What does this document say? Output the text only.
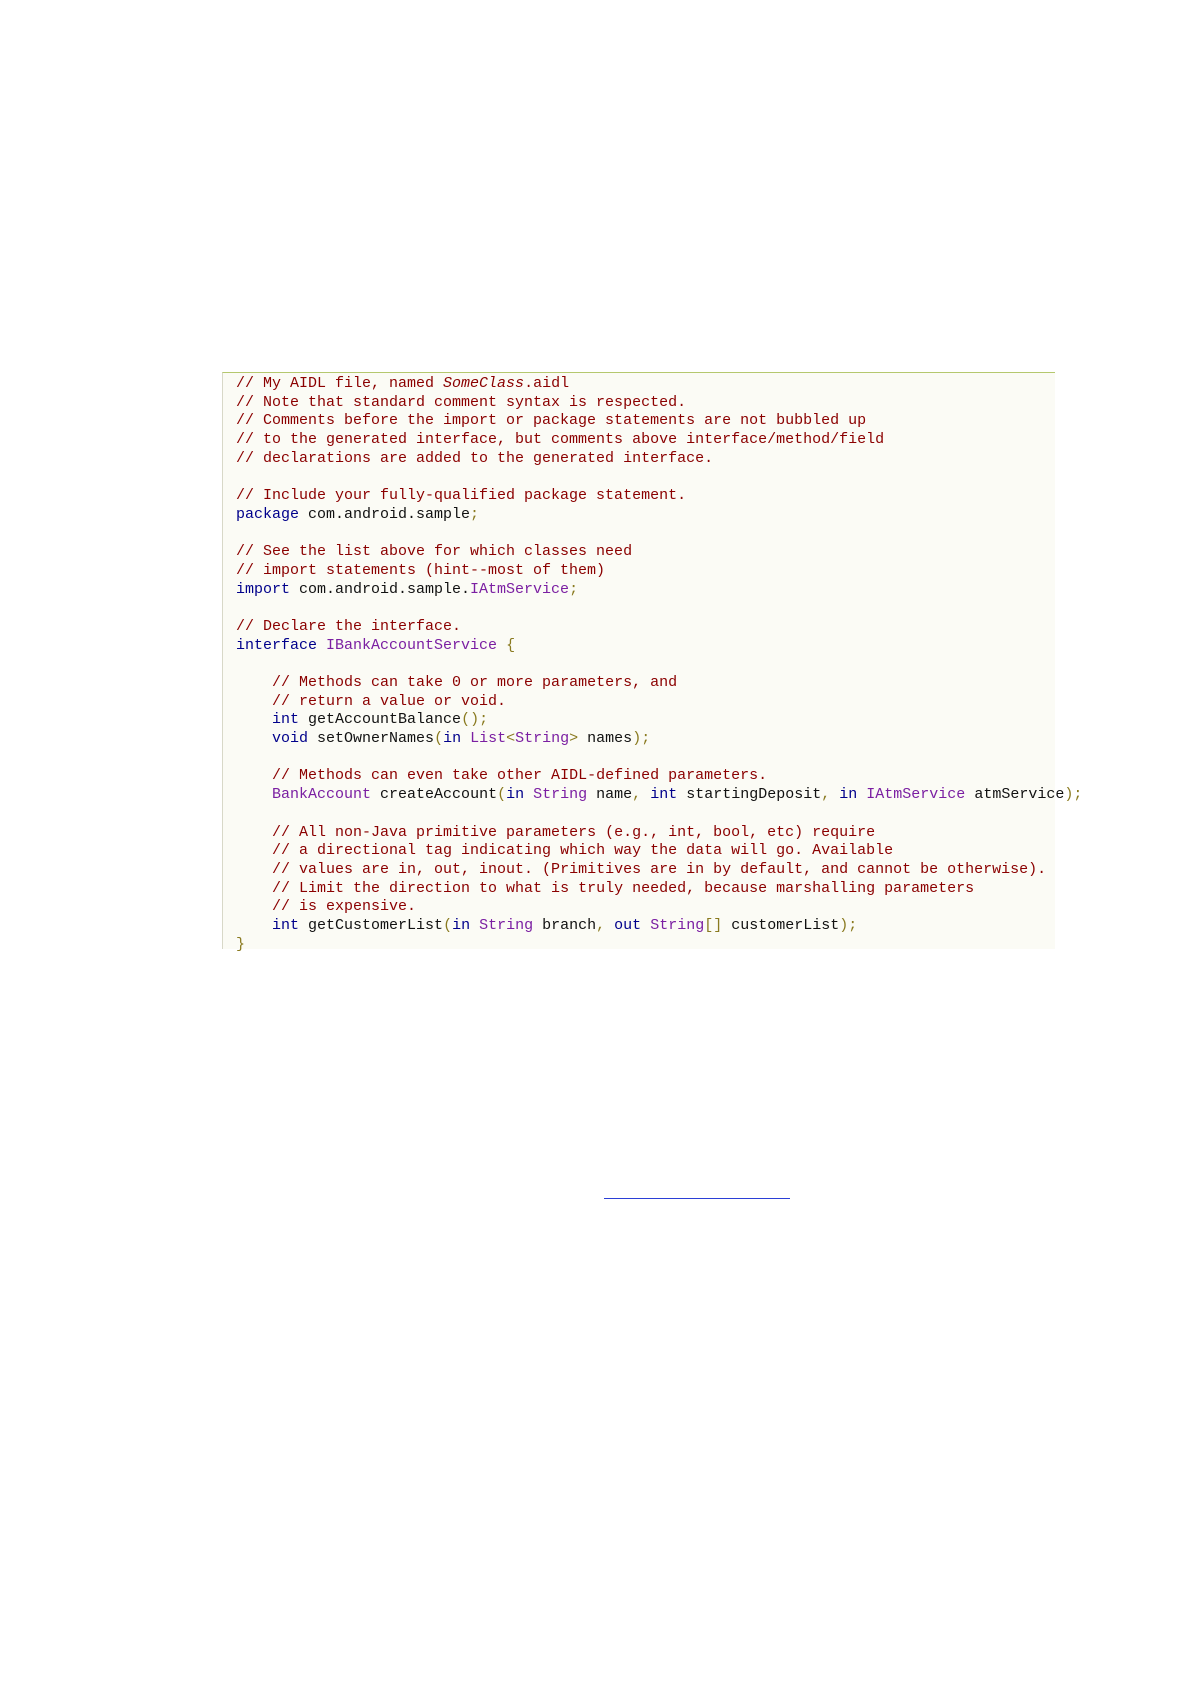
// My AIDL file, named SomeClass.aidl
// Note that standard comment syntax is respected.
// Comments before the import or package statements are not bubbled up
// to the generated interface, but comments above interface/method/field
// declarations are added to the generated interface.

// Include your fully-qualified package statement.
package com.android.sample;

// See the list above for which classes need
// import statements (hint--most of them)
import com.android.sample.IAtmService;

// Declare the interface.
interface IBankAccountService {

// Methods can take 0 or more parameters, and
// return a value or void.
int getAccountBalance();
void setOwnerNames(in List<String> names);

// Methods can even take other AIDL-defined parameters.
BankAccount createAccount(in String name, int startingDeposit, in IAtmService atmService);

// All non-Java primitive parameters (e.g., int, bool, etc) require
// a directional tag indicating which way the data will go. Available
// values are in, out, inout. (Primitives are in by default, and cannot be otherwise).
// Limit the direction to what is truly needed, because marshalling parameters
// is expensive.
int getCustomerList(in String branch, out String[] customerList);
}
